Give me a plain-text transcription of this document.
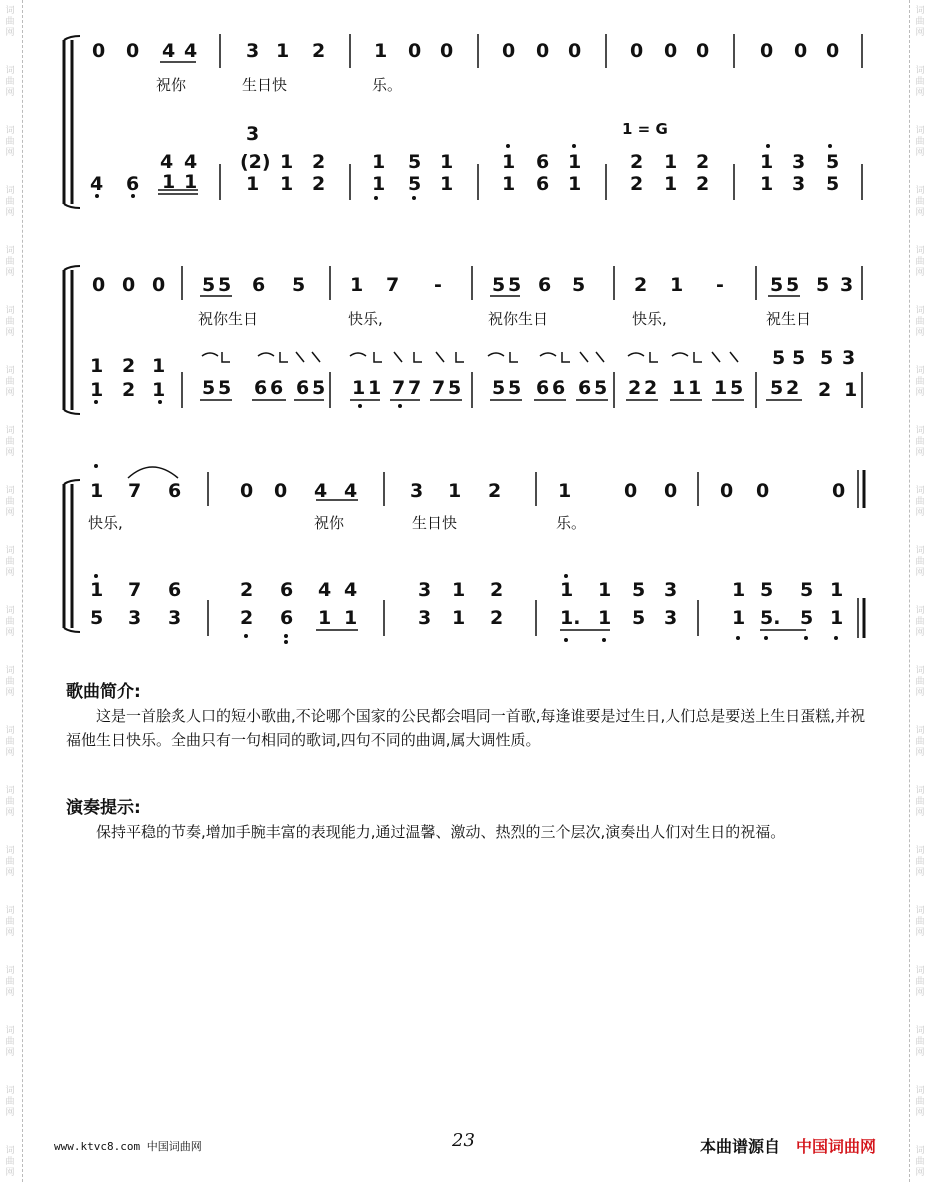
词
曲
网
词
曲
网
词
曲
网
词
曲
网
词
曲
网
词
曲
网
词
曲
网
词
曲
网
词
曲
网
词
曲
网
词
曲
网
词
曲
网
词
曲
网
词
曲
网
词
曲
网
词
曲
网
词
曲
网
词
曲
网
词
曲
网
词
曲
网
词
曲
网
词
曲
网
词
曲
网
词
曲
网
词
曲
网
词
曲
网
词
曲
网
词
曲
网
词
曲
网
词
曲
网
词
曲
网
词
曲
网
词
曲
网
词
曲
网
词
曲
网
词
曲
网
词
曲
网
词
曲
网
词
曲
网
词
曲
网
0 0 4 4	3 1 2	1 0 0	0 0 0	0 0 0	0 0 0
祝你	生日快	乐。
1 = G
3
4 4 (2) 1 2 1 5 1	1 6 1	2 1 2	1 3 5
4 6 1 1	1 1 2 1 5 1	1 6 1	2 1 2	1 3 5
0 0 0 5 5 6 5 1 7 -	5 5 6 5	2 1 - 5 5 5 3
祝你生日	快乐,	祝你生日	快乐,	祝生日
1 2 1	5 5 5 3
1 2 1 5 5 6 6 6 5 1 1 7 7 7 5 5 5 6 6 6 5 2 2 1 1 1 5 5 2 2 1
1 7 6	0 0 4 4	3 1 2	1	0 0 0 0	0
快乐,	祝你	生日快	乐。
1 7 6	2 6 4 4	3 1 2	1 1 5 3	1 5 5 1
5 3 3	2 6 1 1	3 1 2	1. 1 5 3	1 5. 5 1
歌曲简介:
这是一首脍炙人口的短小歌曲,不论哪个国家的公民都会唱同一首歌,每逢谁要是过生日,人们总是要送上生日蛋糕,并祝福他生日快乐。全曲只有一句相同的歌词,四句不同的曲调,属大调性质。
演奏提示:
保持平稳的节奏,增加手腕丰富的表现能力,通过温馨、激动、热烈的三个层次,演奏出人们对生日的祝福。
www.ktvc8.com 中国词曲网	23	本曲谱源自 中国词曲网
